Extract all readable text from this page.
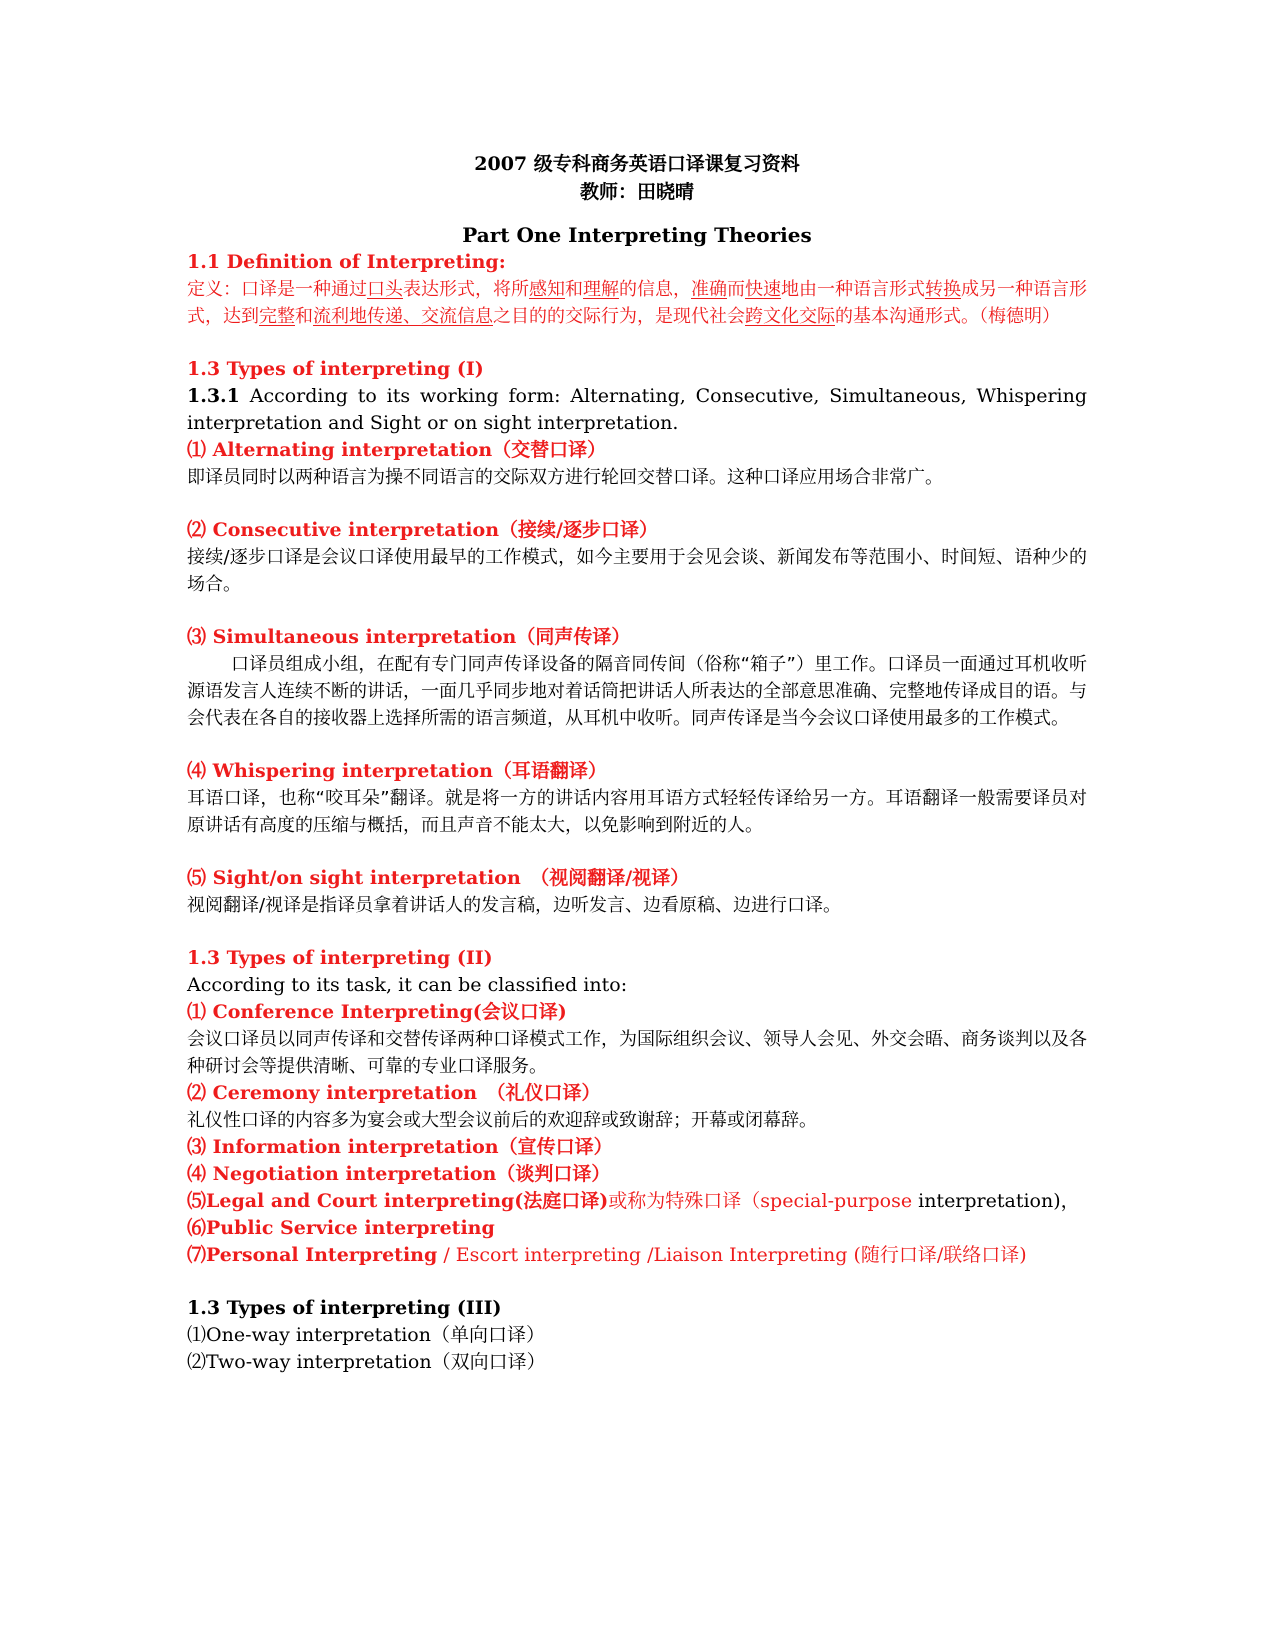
2007 级专科商务英语口译课复习资料
教师：田晓晴
Part One Interpreting Theories
1.1 Definition of Interpreting:
定义：口译是一种通过口头表达形式，将所感知和理解的信息，准确而快速地由一种语言形式转换成另一种语言形式，达到完整和流利地传递、交流信息之目的的交际行为，是现代社会跨文化交际的基本沟通形式。（梅德明）
1.3 Types of interpreting (I)
1.3.1 According to its working form: Alternating, Consecutive, Simultaneous, Whispering interpretation and Sight or on sight interpretation.
⑴ Alternating interpretation（交替口译）
即译员同时以两种语言为操不同语言的交际双方进行轮回交替口译。这种口译应用场合非常广。
⑵ Consecutive interpretation（接续/逐步口译）
接续/逐步口译是会议口译使用最早的工作模式，如今主要用于会见会谈、新闻发布等范围小、时间短、语种少的场合。
⑶ Simultaneous interpretation（同声传译）
口译员组成小组，在配有专门同声传译设备的隔音同传间（俗称“箱子”）里工作。口译员一面通过耳机收听源语发言人连续不断的讲话，一面几乎同步地对着话筒把讲话人所表达的全部意思准确、完整地传译成目的语。与会代表在各自的接收器上选择所需的语言频道，从耳机中收听。同声传译是当今会议口译使用最多的工作模式。
⑷ Whispering interpretation（耳语翻译）
耳语口译，也称“咬耳朵”翻译。就是将一方的讲话内容用耳语方式轻轻传译给另一方。耳语翻译一般需要译员对原讲话有高度的压缩与概括，而且声音不能太大，以免影响到附近的人。
⑸ Sight/on sight interpretation　（视阅翻译/视译）
视阅翻译/视译是指译员拿着讲话人的发言稿，边听发言、边看原稿、边进行口译。
1.3 Types of interpreting (II)
According to its task, it can be classified into:
⑴ Conference Interpreting(会议口译)
会议口译员以同声传译和交替传译两种口译模式工作，为国际组织会议、领导人会见、外交会晤、商务谈判以及各种研讨会等提供清晰、可靠的专业口译服务。
⑵ Ceremony interpretation　（礼仪口译）
礼仪性口译的内容多为宴会或大型会议前后的欢迎辞或致谢辞；开幕或闭幕辞。
⑶ Information interpretation（宣传口译）
⑷ Negotiation interpretation（谈判口译）
⑸Legal and Court interpreting(法庭口译)或称为特殊口译（special-purpose interpretation)，
⑹Public Service interpreting
⑺Personal Interpreting / Escort interpreting /Liaison Interpreting (随行口译/联络口译)
1.3 Types of interpreting (III)
⑴One-way interpretation（单向口译）
⑵Two-way interpretation（双向口译）
